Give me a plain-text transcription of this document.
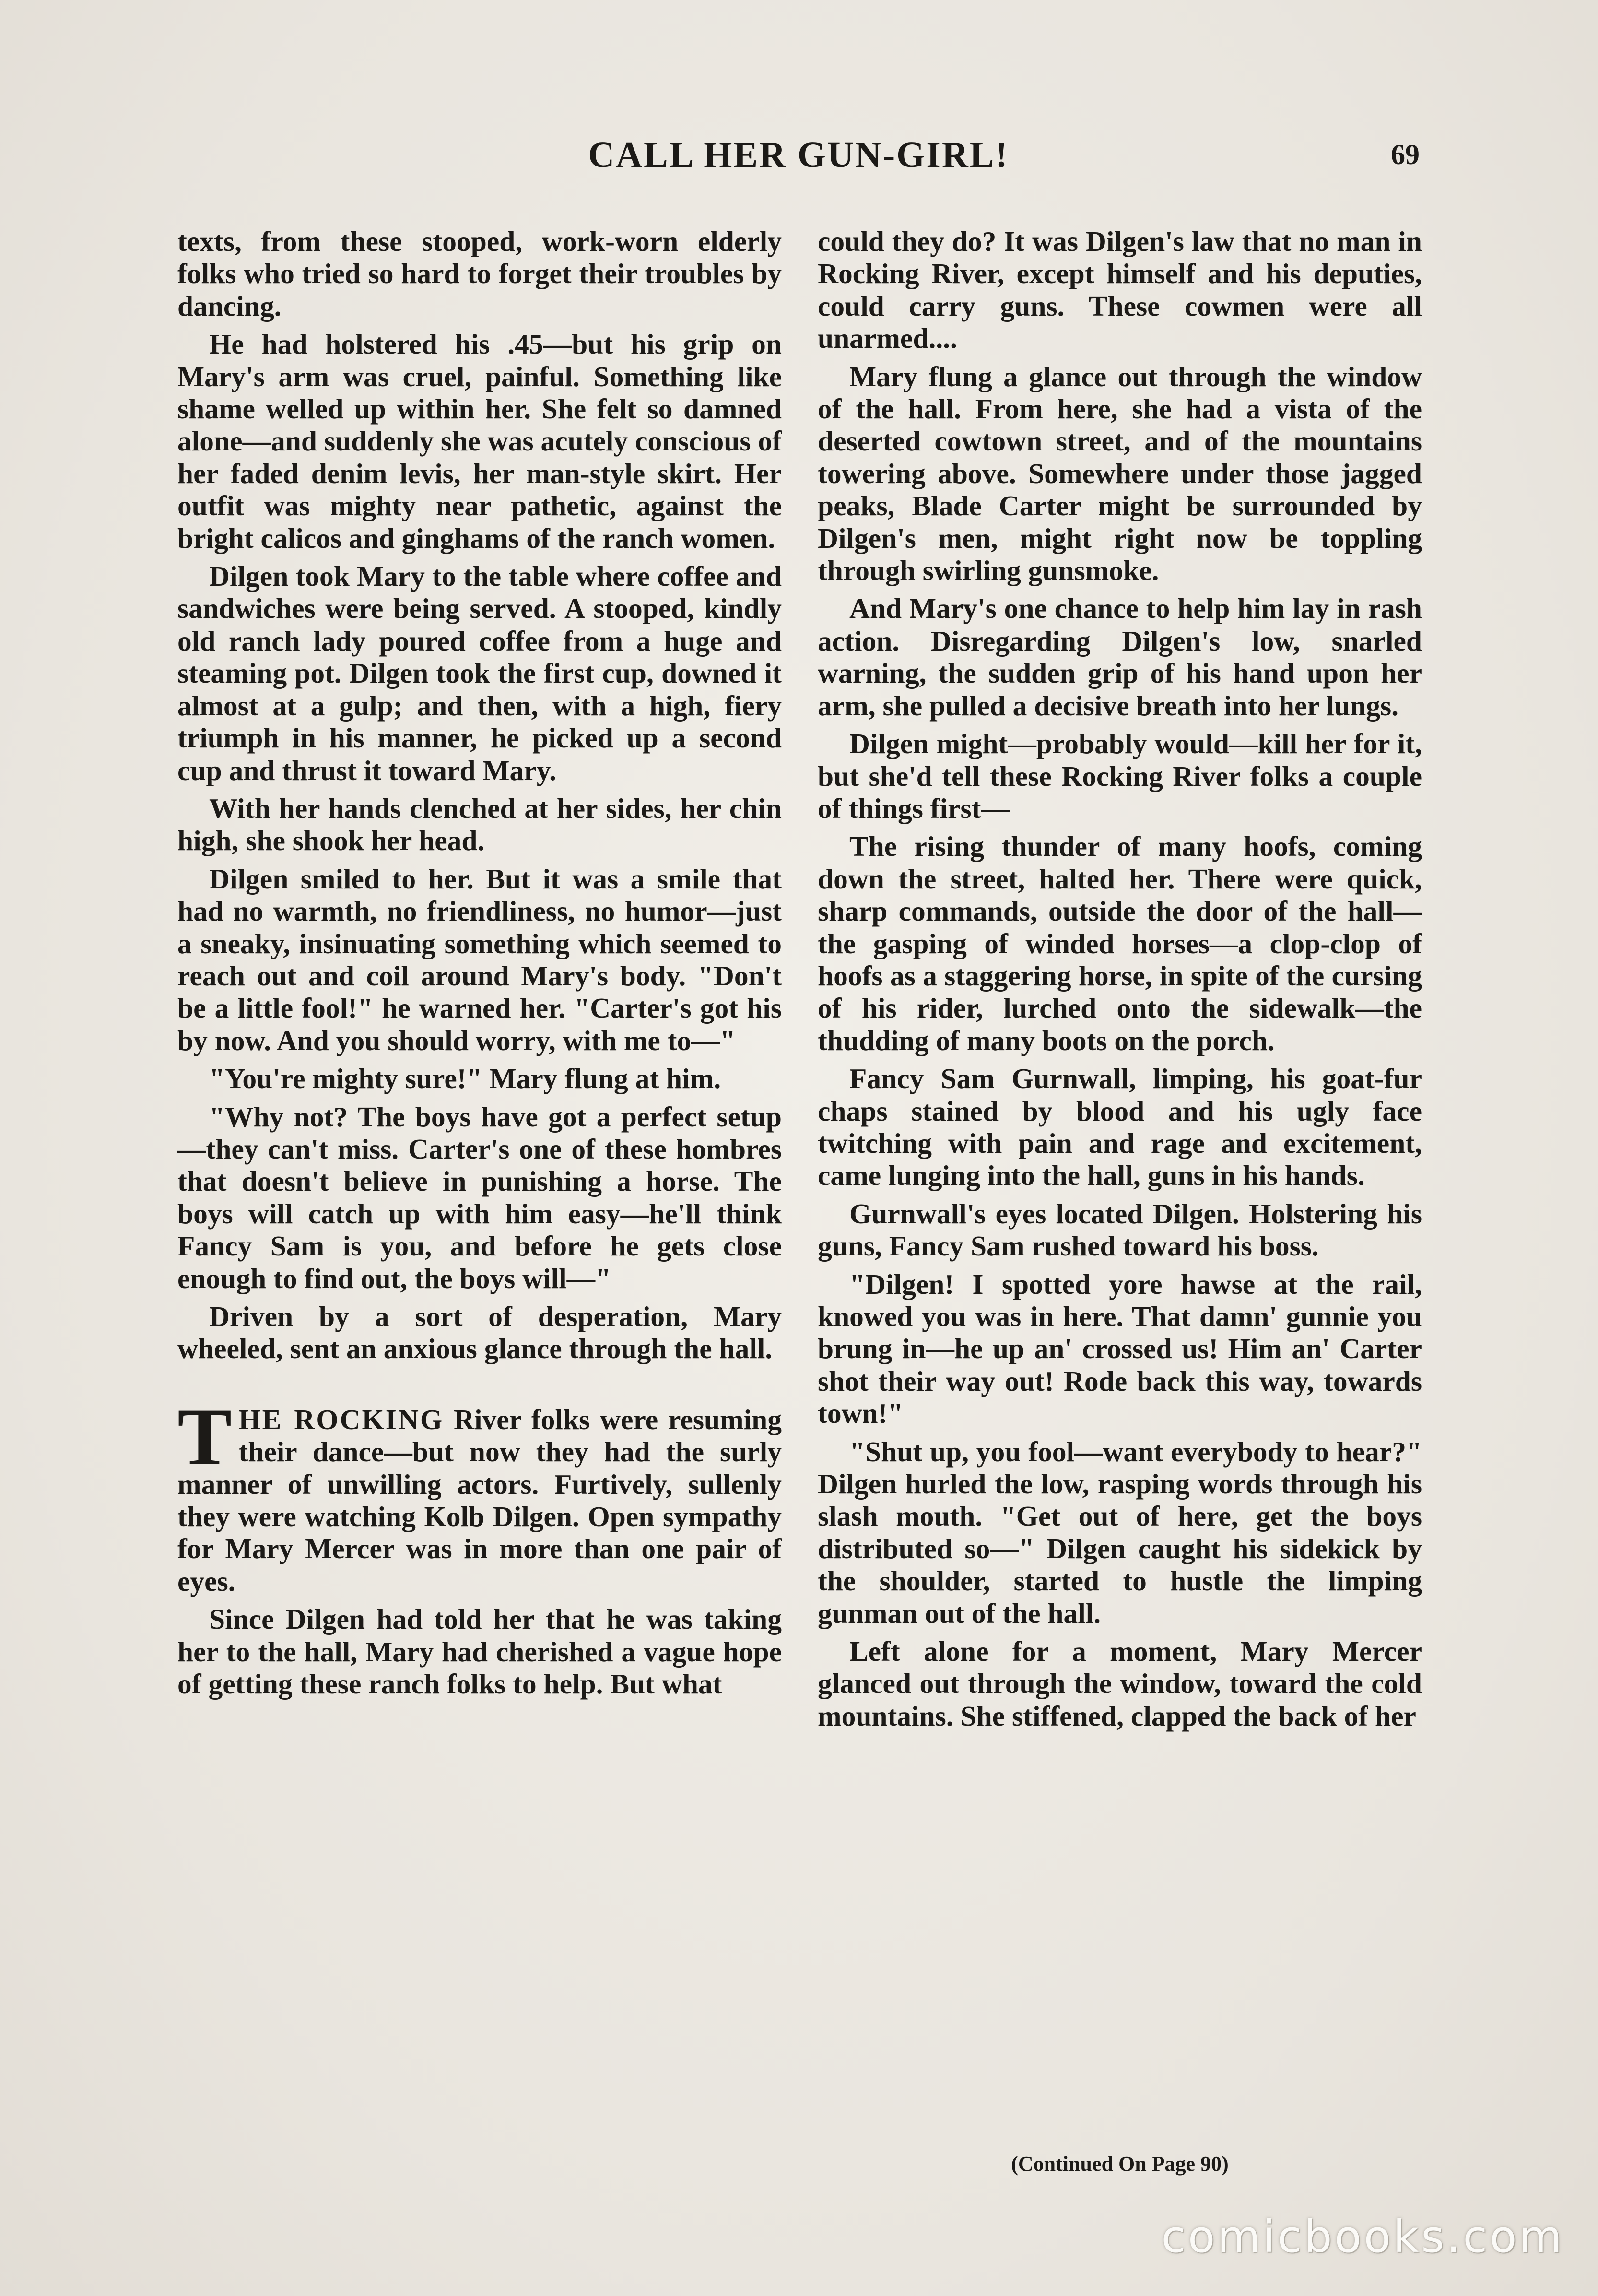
CALL HER GUN-GIRL!	69

texts, from these stooped, work-worn elderly folks who tried so hard to forget their troubles by dancing.

He had holstered his .45—but his grip on Mary's arm was cruel, painful. Something like shame welled up within her. She felt so damned alone—and suddenly she was acutely conscious of her faded denim levis, her man-style skirt. Her outfit was mighty near pathetic, against the bright calicos and ginghams of the ranch women.

Dilgen took Mary to the table where coffee and sandwiches were being served. A stooped, kindly old ranch lady poured coffee from a huge and steaming pot. Dilgen took the first cup, downed it almost at a gulp; and then, with a high, fiery triumph in his manner, he picked up a second cup and thrust it toward Mary.

With her hands clenched at her sides, her chin high, she shook her head.

Dilgen smiled to her. But it was a smile that had no warmth, no friendliness, no humor—just a sneaky, insinuating something which seemed to reach out and coil around Mary's body. "Don't be a little fool!" he warned her. "Carter's got his by now. And you should worry, with me to—"

"You're mighty sure!" Mary flung at him.

"Why not? The boys have got a perfect setup—they can't miss. Carter's one of these hombres that doesn't believe in punishing a horse. The boys will catch up with him easy—he'll think Fancy Sam is you, and before he gets close enough to find out, the boys will—"

Driven by a sort of desperation, Mary wheeled, sent an anxious glance through the hall.

THE ROCKING River folks were resuming their dance—but now they had the surly manner of unwilling actors. Furtively, sullenly they were watching Kolb Dilgen. Open sympathy for Mary Mercer was in more than one pair of eyes.

Since Dilgen had told her that he was taking her to the hall, Mary had cherished a vague hope of getting these ranch folks to help. But what

could they do? It was Dilgen's law that no man in Rocking River, except himself and his deputies, could carry guns. These cowmen were all unarmed....

Mary flung a glance out through the window of the hall. From here, she had a vista of the deserted cowtown street, and of the mountains towering above. Somewhere under those jagged peaks, Blade Carter might be surrounded by Dilgen's men, might right now be toppling through swirling gunsmoke.

And Mary's one chance to help him lay in rash action. Disregarding Dilgen's low, snarled warning, the sudden grip of his hand upon her arm, she pulled a decisive breath into her lungs.

Dilgen might—probably would—kill her for it, but she'd tell these Rocking River folks a couple of things first—

The rising thunder of many hoofs, coming down the street, halted her. There were quick, sharp commands, outside the door of the hall—the gasping of winded horses—a clop-clop of hoofs as a staggering horse, in spite of the cursing of his rider, lurched onto the sidewalk—the thudding of many boots on the porch.

Fancy Sam Gurnwall, limping, his goat-fur chaps stained by blood and his ugly face twitching with pain and rage and excitement, came lunging into the hall, guns in his hands.

Gurnwall's eyes located Dilgen. Holstering his guns, Fancy Sam rushed toward his boss.

"Dilgen! I spotted yore hawse at the rail, knowed you was in here. That damn' gunnie you brung in—he up an' crossed us! Him an' Carter shot their way out! Rode back this way, towards town!"

"Shut up, you fool—want everybody to hear?" Dilgen hurled the low, rasping words through his slash mouth. "Get out of here, get the boys distributed so—" Dilgen caught his sidekick by the shoulder, started to hustle the limping gunman out of the hall.

Left alone for a moment, Mary Mercer glanced out through the window, toward the cold mountains. She stiffened, clapped the back of her

(Continued On Page 90)
comicbooks.com
